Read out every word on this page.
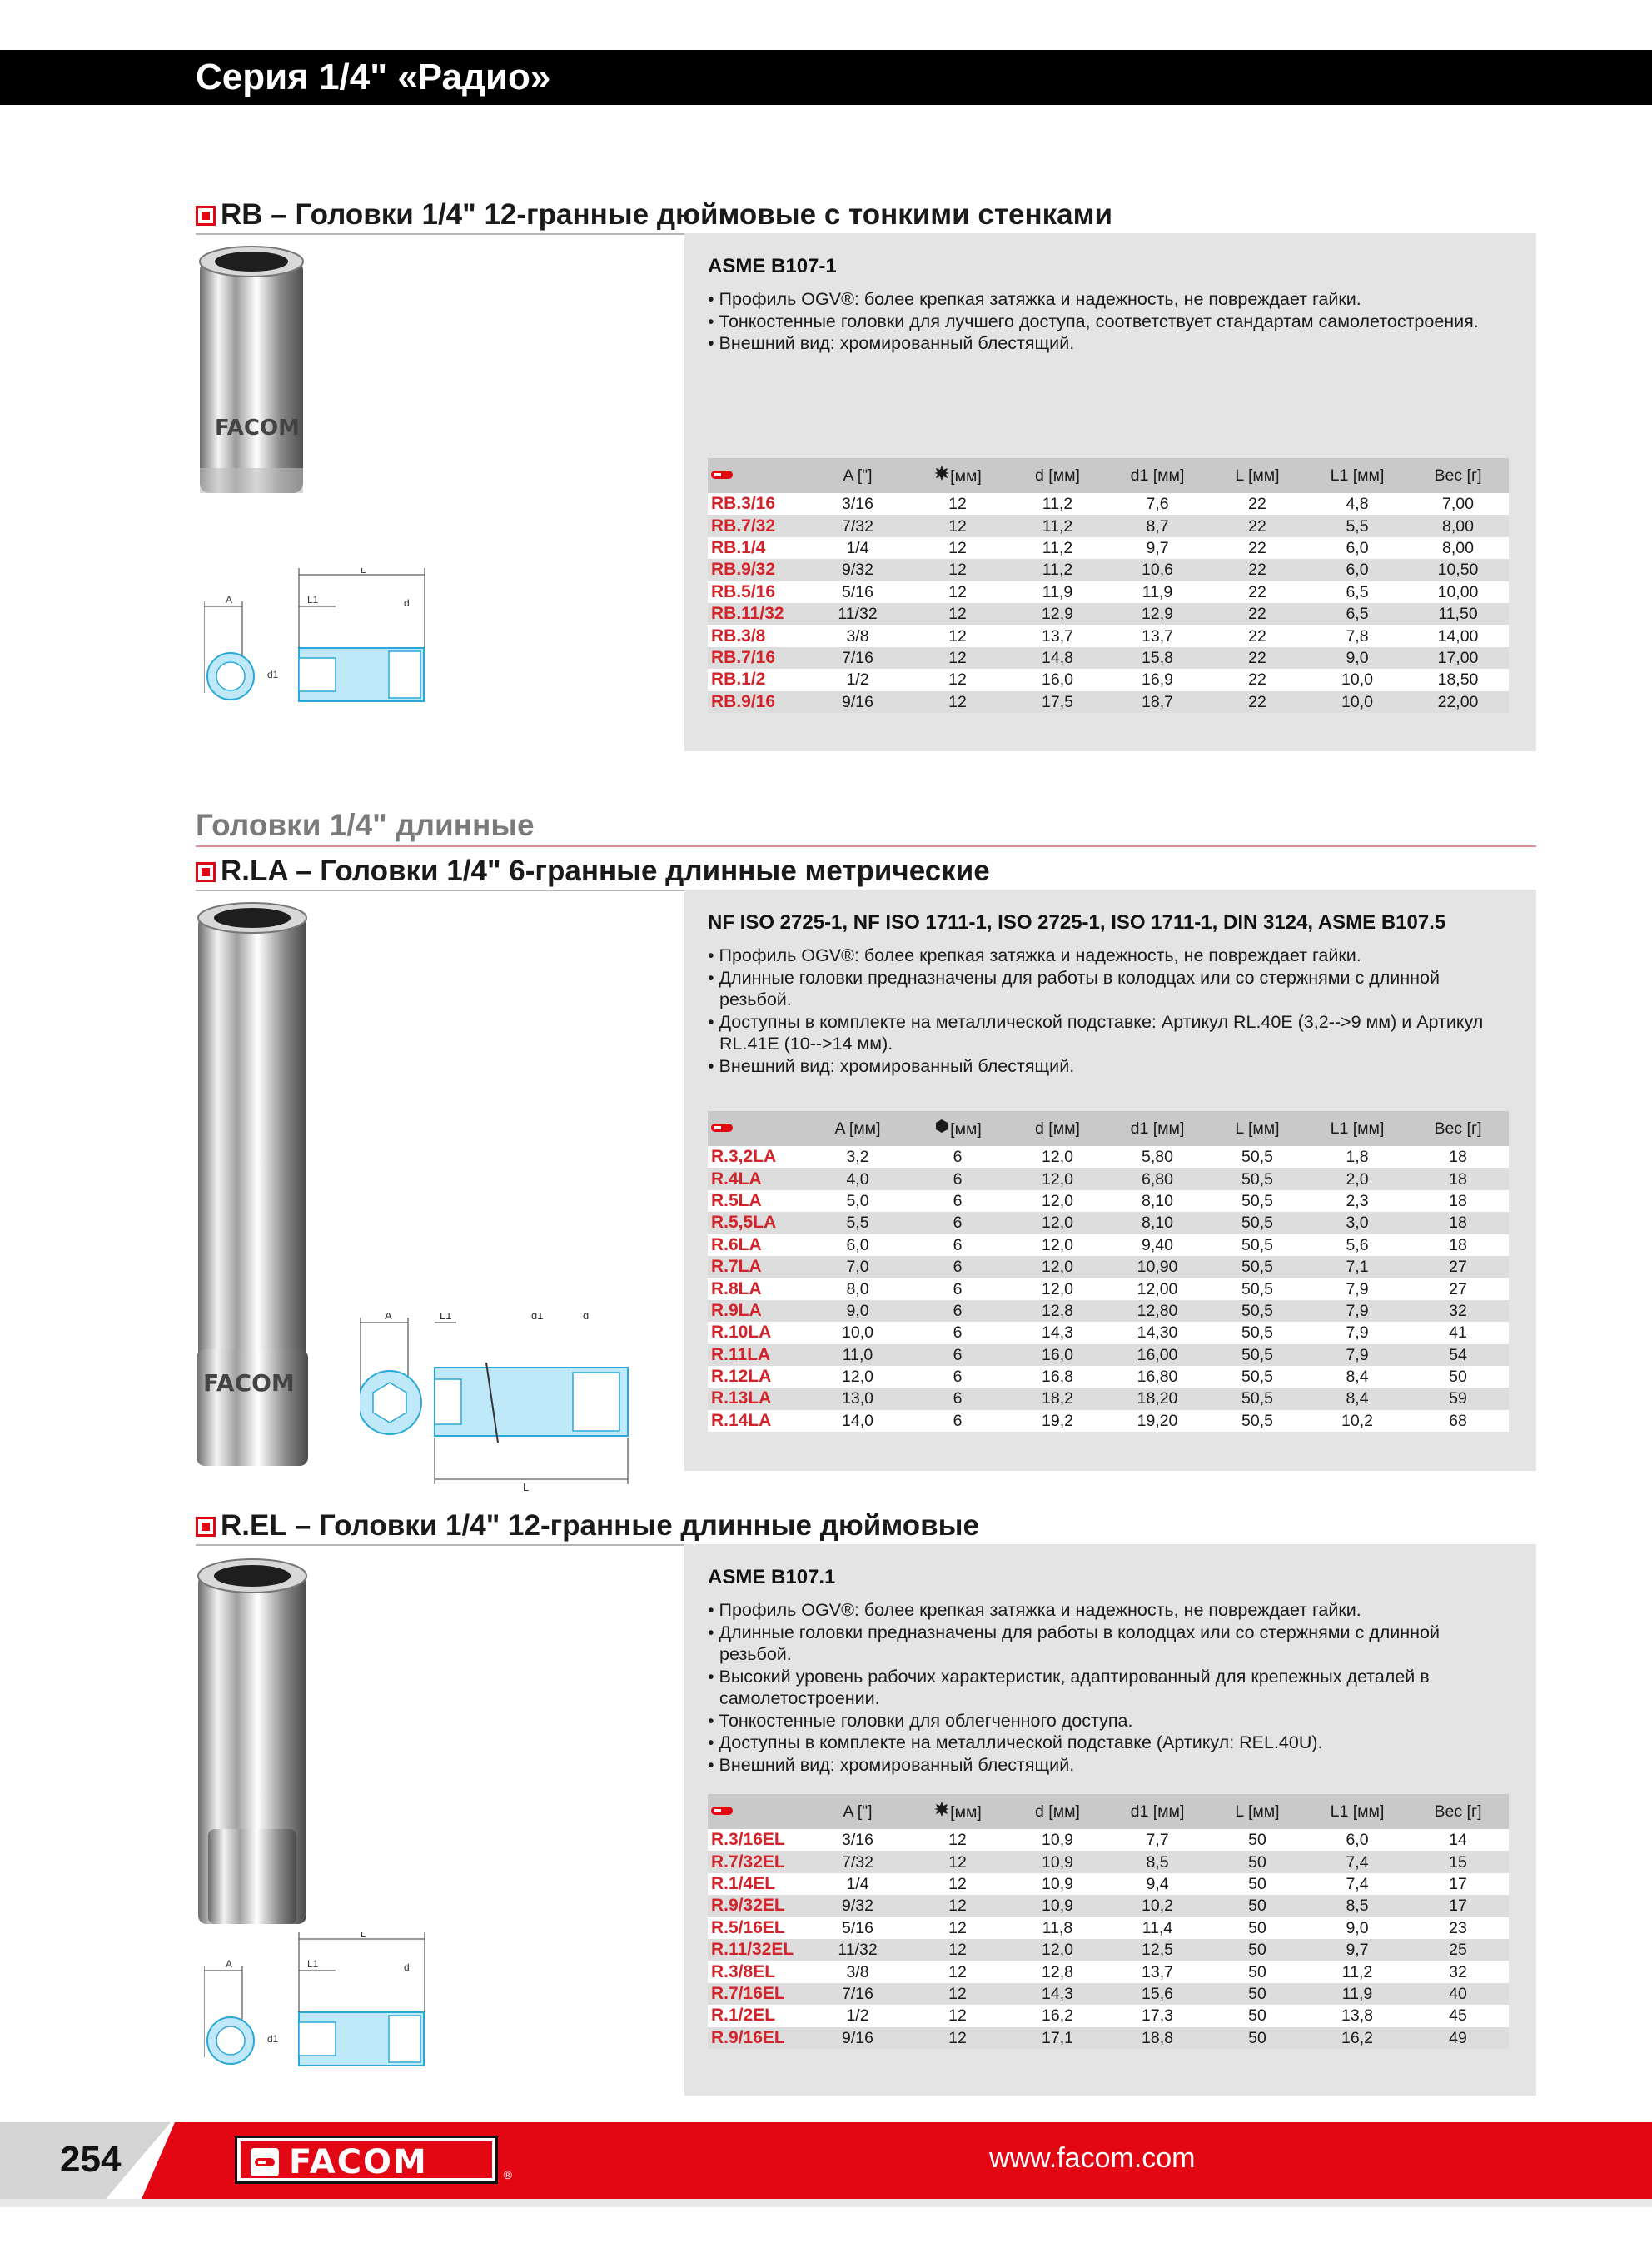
Серия 1/4" «Радио»
RB – Головки 1/4" 12-гранные дюймовые с тонкими стенками
FACOM
A
d1
L
L1	d
ASME B107-1
• Профиль OGV®: более крепкая затяжка и надежность, не повреждает гайки.
• Тонкостенные головки для лучшего доступа, соответствует стандартам самолетостроения.
• Внешний вид: хромированный блестящий.
	A ["]	[мм]	d [мм]	d1 [мм]	L [мм]	L1 [мм]	Вес [г]
RB.3/16	3/16	12	11,2	7,6	22	4,8	7,00
RB.7/32	7/32	12	11,2	8,7	22	5,5	8,00
RB.1/4	1/4	12	11,2	9,7	22	6,0	8,00
RB.9/32	9/32	12	11,2	10,6	22	6,0	10,50
RB.5/16	5/16	12	11,9	11,9	22	6,5	10,00
RB.11/32	11/32	12	12,9	12,9	22	6,5	11,50
RB.3/8	3/8	12	13,7	13,7	22	7,8	14,00
RB.7/16	7/16	12	14,8	15,8	22	9,0	17,00
RB.1/2	1/2	12	16,0	16,9	22	10,0	18,50
RB.9/16	9/16	12	17,5	18,7	22	10,0	22,00
Головки 1/4" длинные
R.LA – Головки 1/4" 6-гранные длинные метрические
FACOM
A	L1	d1	d
L
NF ISO 2725-1, NF ISO 1711-1, ISO 2725-1, ISO 1711-1, DIN 3124, ASME B107.5
• Профиль OGV®: более крепкая затяжка и надежность, не повреждает гайки.
• Длинные головки предназначены для работы в колодцах или со стержнями с длинной резьбой.
• Доступны в комплекте на металлической подставке: Артикул RL.40E (3,2-->9 мм) и Артикул RL.41E (10-->14 мм).
• Внешний вид: хромированный блестящий.
	A [мм]	[мм]	d [мм]	d1 [мм]	L [мм]	L1 [мм]	Вес [г]
R.3,2LA	3,2	6	12,0	5,80	50,5	1,8	18
R.4LA	4,0	6	12,0	6,80	50,5	2,0	18
R.5LA	5,0	6	12,0	8,10	50,5	2,3	18
R.5,5LA	5,5	6	12,0	8,10	50,5	3,0	18
R.6LA	6,0	6	12,0	9,40	50,5	5,6	18
R.7LA	7,0	6	12,0	10,90	50,5	7,1	27
R.8LA	8,0	6	12,0	12,00	50,5	7,9	27
R.9LA	9,0	6	12,8	12,80	50,5	7,9	32
R.10LA	10,0	6	14,3	14,30	50,5	7,9	41
R.11LA	11,0	6	16,0	16,00	50,5	7,9	54
R.12LA	12,0	6	16,8	16,80	50,5	8,4	50
R.13LA	13,0	6	18,2	18,20	50,5	8,4	59
R.14LA	14,0	6	19,2	19,20	50,5	10,2	68
R.EL – Головки 1/4" 12-гранные длинные дюймовые
A
d1
L
L1	d
ASME B107.1
• Профиль OGV®: более крепкая затяжка и надежность, не повреждает гайки.
• Длинные головки предназначены для работы в колодцах или со стержнями с длинной резьбой.
• Высокий уровень рабочих характеристик, адаптированный для крепежных деталей в самолетостроении.
• Тонкостенные головки для облегченного доступа.
• Доступны в комплекте на металлической подставке (Артикул: REL.40U).
• Внешний вид: хромированный блестящий.
	A ["]	[мм]	d [мм]	d1 [мм]	L [мм]	L1 [мм]	Вес [г]
R.3/16EL	3/16	12	10,9	7,7	50	6,0	14
R.7/32EL	7/32	12	10,9	8,5	50	7,4	15
R.1/4EL	1/4	12	10,9	9,4	50	7,4	17
R.9/32EL	9/32	12	10,9	10,2	50	8,5	17
R.5/16EL	5/16	12	11,8	11,4	50	9,0	23
R.11/32EL	11/32	12	12,0	12,5	50	9,7	25
R.3/8EL	3/8	12	12,8	13,7	50	11,2	32
R.7/16EL	7/16	12	14,3	15,6	50	11,9	40
R.1/2EL	1/2	12	16,2	17,3	50	13,8	45
R.9/16EL	9/16	12	17,1	18,8	50	16,2	49
254	FACOM	®
www.facom.com
